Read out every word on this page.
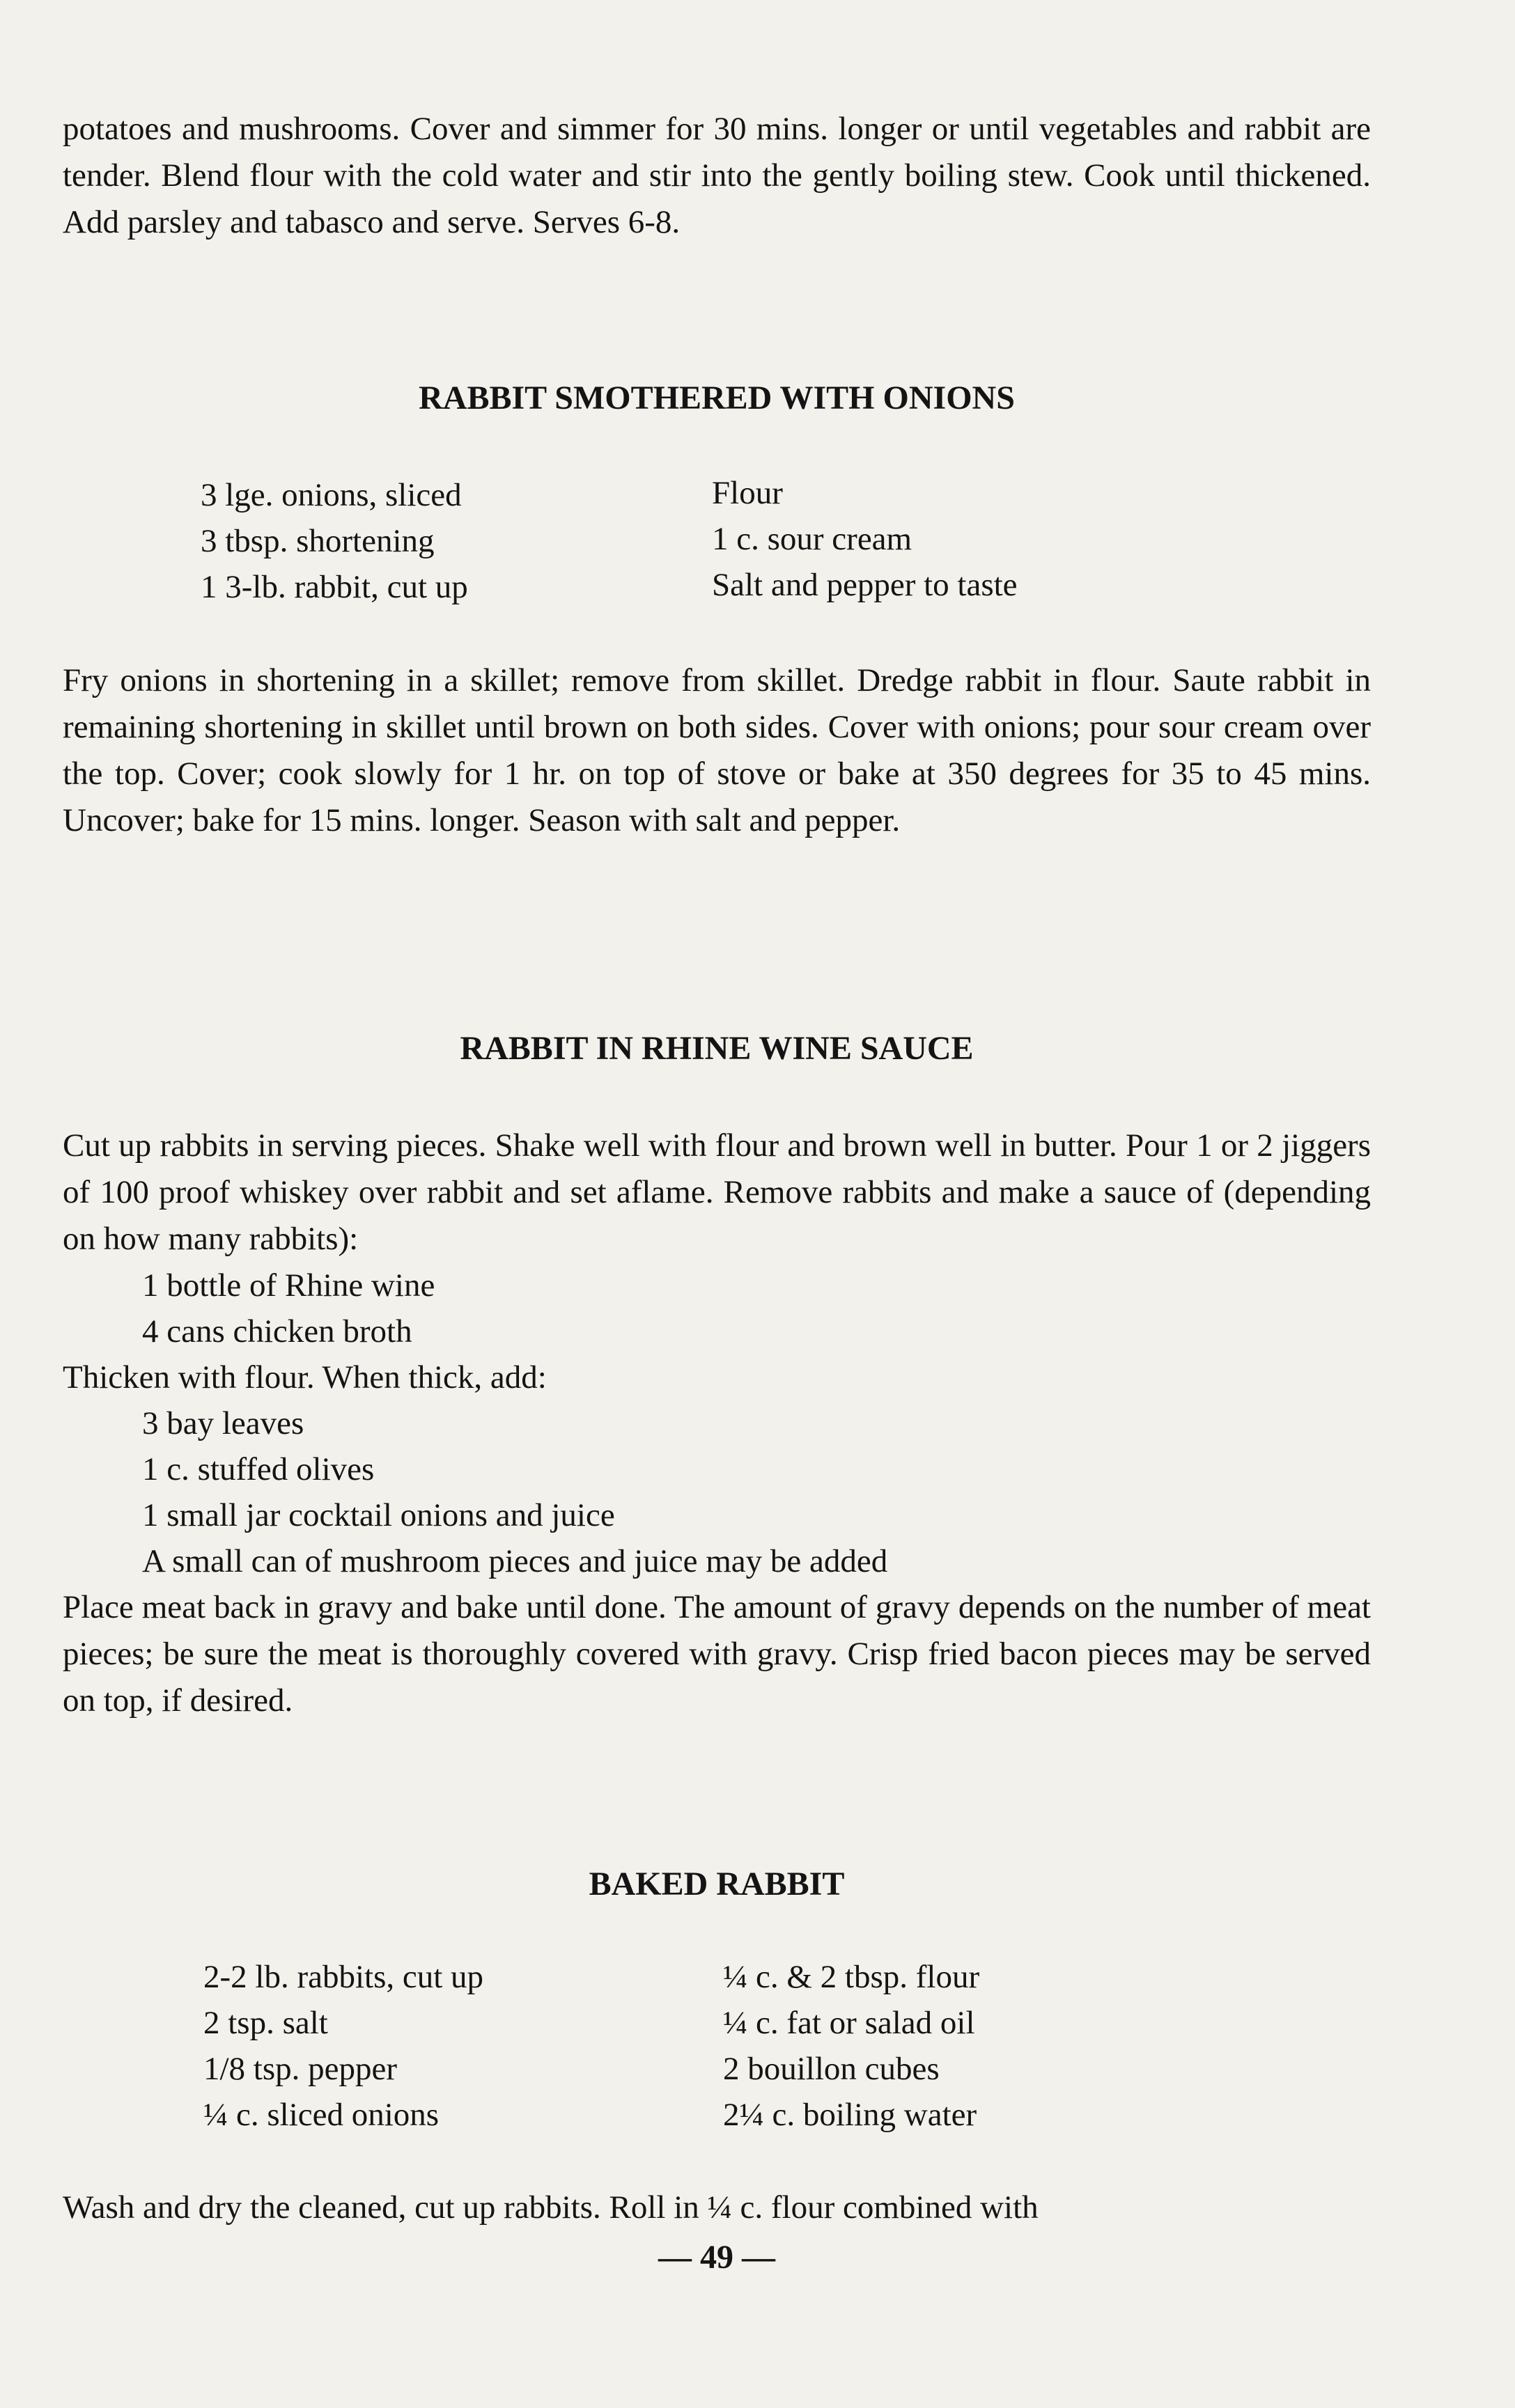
potatoes and mushrooms. Cover and simmer for 30 mins. longer or until vegetables and rabbit are tender. Blend flour with the cold water and stir into the gently boiling stew. Cook until thickened. Add parsley and tabasco and serve. Serves 6-8.

RABBIT SMOTHERED WITH ONIONS
3 lge. onions, sliced
3 tbsp. shortening
1 3-lb. rabbit, cut up
Flour
1 c. sour cream
Salt and pepper to taste

Fry onions in shortening in a skillet; remove from skillet. Dredge rabbit in flour. Saute rabbit in remaining shortening in skillet until brown on both sides. Cover with onions; pour sour cream over the top. Cover; cook slowly for 1 hr. on top of stove or bake at 350 degrees for 35 to 45 mins. Uncover; bake for 15 mins. longer. Season with salt and pepper.

RABBIT IN RHINE WINE SAUCE

Cut up rabbits in serving pieces. Shake well with flour and brown well in butter. Pour 1 or 2 jiggers of 100 proof whiskey over rabbit and set aflame. Remove rabbits and make a sauce of (depending on how many rabbits):

1 bottle of Rhine wine

4 cans chicken broth

Thicken with flour. When thick, add:

3 bay leaves

1 c. stuffed olives

1 small jar cocktail onions and juice

A small can of mushroom pieces and juice may be added

Place meat back in gravy and bake until done. The amount of gravy depends on the number of meat pieces; be sure the meat is thoroughly covered with gravy. Crisp fried bacon pieces may be served on top, if desired.

BAKED RABBIT
2-2 lb. rabbits, cut up
2 tsp. salt
1/8 tsp. pepper
¼ c. sliced onions
¼ c. & 2 tbsp. flour
¼ c. fat or salad oil
2 bouillon cubes
2¼ c. boiling water

Wash and dry the cleaned, cut up rabbits. Roll in ¼ c. flour combined with

— 49 —
